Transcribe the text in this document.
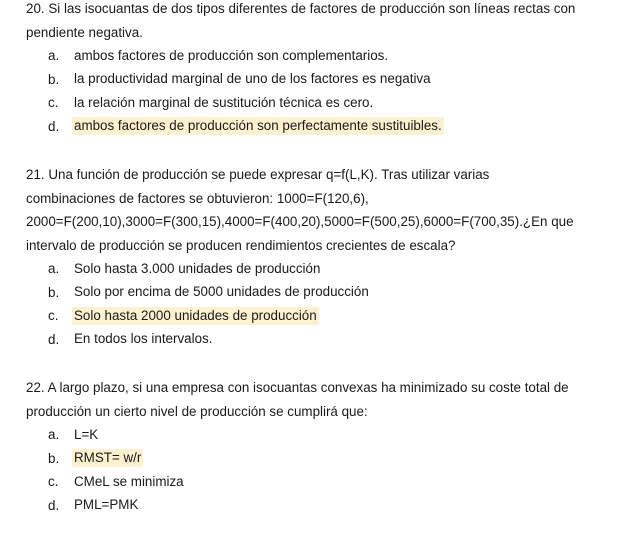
20. Si las isocuantas de dos tipos diferentes de factores de producción son líneas rectas con pendiente negativa.

a.	ambos factores de producción son complementarios.
b.	la productividad marginal de uno de los factores es negativa
c.	la relación marginal de sustitución técnica es cero.
d.	ambos factores de producción son perfectamente sustituibles.

21. Una función de producción se puede expresar q=f(L,K). Tras utilizar varias
combinaciones de factores se obtuvieron: 1000=F(120,6),
2000=F(200,10),3000=F(300,15),4000=F(400,20),5000=F(500,25),6000=F(700,35).¿En que
intervalo de producción se producen rendimientos crecientes de escala?

a.	Solo hasta 3.000 unidades de producción
b.	Solo por encima de 5000 unidades de producción
c.	Solo hasta 2000 unidades de producción
d.	En todos los intervalos.

22. A largo plazo, si una empresa con isocuantas convexas ha minimizado su coste total de
producción un cierto nivel de producción se cumplirá que:

a.	L=K
b.	RMST= w/r
c.	CMeL se minimiza
d.	PML=PMK
